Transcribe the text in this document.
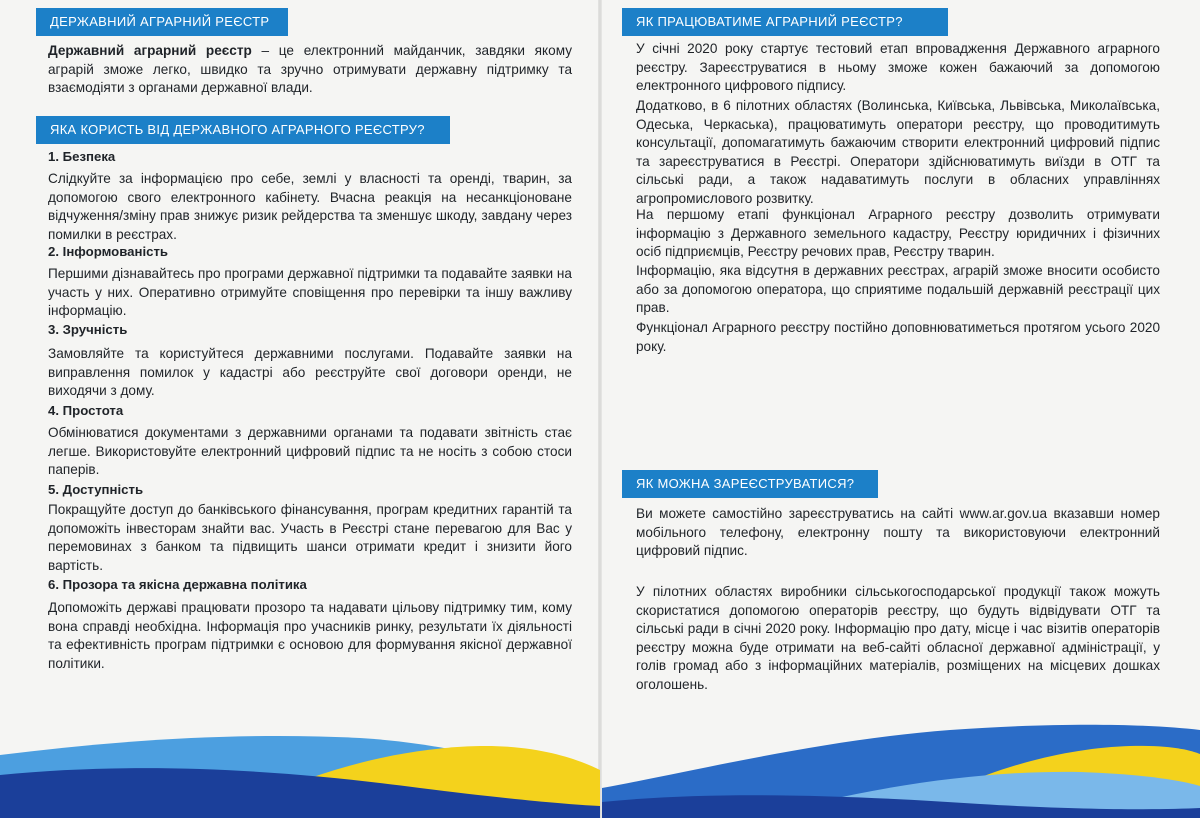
ДЕРЖАВНИЙ АГРАРНИЙ РЕЄСТР

Державний аграрний реєстр – це електронний майданчик, завдяки якому аграрій зможе легко, швидко та зручно отримувати державну підтримку та взаємодіяти з органами державної влади.

ЯКА КОРИСТЬ ВІД ДЕРЖАВНОГО АГРАРНОГО РЕЄСТРУ?

1. Безпека

Слідкуйте за інформацією про себе, землі у власності та оренді, тварин, за допомогою свого електронного кабінету. Вчасна реакція на несанкціоноване відчуження/зміну прав знижує ризик рейдерства та зменшує шкоду, завдану через помилки в реєстрах.

2. Інформованість

Першими дізнавайтесь про програми державної підтримки та подавайте заявки на участь у них. Оперативно отримуйте сповіщення про перевірки та іншу важливу інформацію.

3. Зручність

Замовляйте та користуйтеся державними послугами. Подавайте заявки на виправлення помилок у кадастрі або реєструйте свої договори оренди, не виходячи з дому.

4. Простота

Обмінюватися документами з державними органами та подавати звітність стає легше. Використовуйте електронний цифровий підпис та не носіть з собою стоси паперів.

5. Доступність

Покращуйте доступ до банківського фінансування, програм кредитних гарантій та допоможіть інвесторам знайти вас. Участь в Реєстрі стане перевагою для Вас у перемовинах з банком та підвищить шанси отримати кредит і знизити його вартість.

6. Прозора та якісна державна політика

Допоможіть державі працювати прозоро та надавати цільову підтримку тим, кому вона справді необхідна. Інформація про учасників ринку, результати їх діяльності та ефективність програм підтримки є основою для формування якісної державної політики.

ЯК ПРАЦЮВАТИМЕ АГРАРНИЙ РЕЄСТР?

У січні 2020 року стартує тестовий етап впровадження Державного аграрного реєстру. Зареєструватися в ньому зможе кожен бажаючий за допомогою електронного цифрового підпису.

Додатково, в 6 пілотних областях (Волинська, Київська, Львівська, Миколаївська, Одеська, Черкаська), працюватимуть оператори реєстру, що проводитимуть консультації, допомагатимуть бажаючим створити електронний цифровий підпис та зареєструватися в Реєстрі. Оператори здійснюватимуть виїзди в ОТГ та сільські ради, а також надаватимуть послуги в обласних управліннях агропромислового розвитку.

На першому етапі функціонал Аграрного реєстру дозволить отримувати інформацію з Державного земельного кадастру, Реєстру юридичних і фізичних осіб підприємців, Реєстру речових прав, Реєстру тварин.

Інформацію, яка відсутня в державних реєстрах, аграрій зможе вносити особисто або за допомогою оператора, що сприятиме подальшій державній реєстрації цих прав.

Функціонал Аграрного реєстру постійно доповнюватиметься протягом усього 2020 року.

ЯК МОЖНА ЗАРЕЄСТРУВАТИСЯ?

Ви можете самостійно зареєструватись на сайті www.ar.gov.ua вказавши номер мобільного телефону, електронну пошту та використовуючи електронний цифровий підпис.

У пілотних областях виробники сільськогосподарської продукції також можуть скористатися допомогою операторів реєстру, що будуть відвідувати ОТГ та сільські ради в січні 2020 року. Інформацію про дату, місце і час візитів операторів реєстру можна буде отримати на веб-сайті обласної державної адміністрації, у голів громад або з інформаційних матеріалів, розміщених на місцевих дошках оголошень.
